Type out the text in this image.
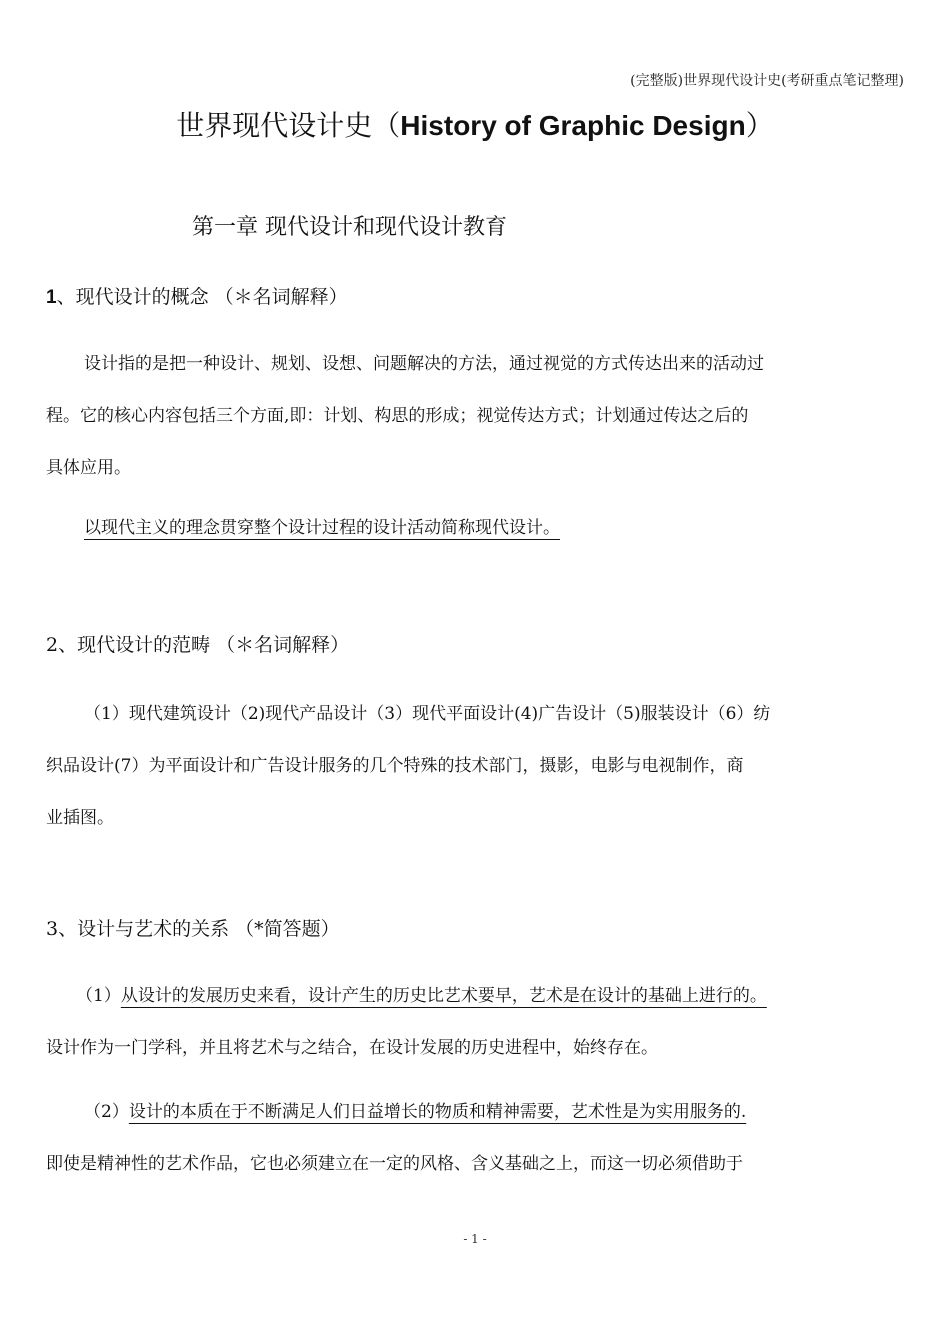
(完整版)世界现代设计史(考研重点笔记整理)
世界现代设计史（History of Graphic Design）
第一章 现代设计和现代设计教育
1、现代设计的概念 （＊名词解释）
设计指的是把一种设计、规划、设想、问题解决的方法，通过视觉的方式传达出来的活动过
程。它的核心内容包括三个方面,即：计划、构思的形成；视觉传达方式；计划通过传达之后的
具体应用。
以现代主义的理念贯穿整个设计过程的设计活动简称现代设计。
2、现代设计的范畴 （＊名词解释）
（1）现代建筑设计（2)现代产品设计（3）现代平面设计(4)广告设计（5)服装设计（6）纺
织品设计(7）为平面设计和广告设计服务的几个特殊的技术部门，摄影，电影与电视制作，商
业插图。
3、设计与艺术的关系 （*简答题）
（1）从设计的发展历史来看，设计产生的历史比艺术要早，艺术是在设计的基础上进行的。
设计作为一门学科，并且将艺术与之结合，在设计发展的历史进程中，始终存在。
（2）设计的本质在于不断满足人们日益增长的物质和精神需要，艺术性是为实用服务的.
即使是精神性的艺术作品，它也必须建立在一定的风格、含义基础之上，而这一切必须借助于
- 1 -
